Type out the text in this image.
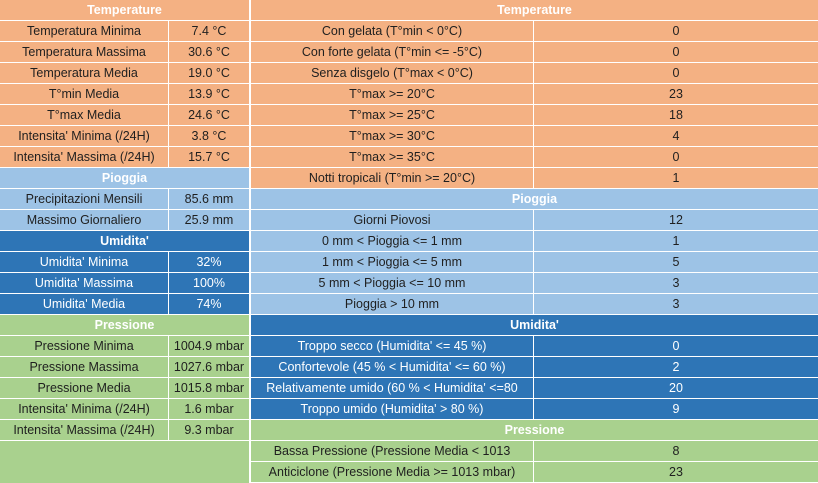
Temperature
Temperatura Minima	7.4 °C
Temperatura Massima	30.6 °C
Temperatura Media	19.0 °C
T°min Media	13.9 °C
T°max Media	24.6 °C
Intensita' Minima (/24H)	3.8 °C
Intensita' Massima (/24H)	15.7 °C
Pioggia
Precipitazioni Mensili	85.6 mm
Massimo Giornaliero	25.9 mm
Umidita'
Umidita' Minima	32%
Umidita' Massima	100%
Umidita' Media	74%
Pressione
Pressione Minima	1004.9 mbar
Pressione Massima	1027.6 mbar
Pressione Media	1015.8 mbar
Intensita' Minima (/24H)	1.6 mbar
Intensita' Massima (/24H)	9.3 mbar
Temperature
Con gelata (T°min < 0°C)	0
Con forte gelata (T°min <= -5°C)	0
Senza disgelo (T°max < 0°C)	0
T°max >= 20°C	23
T°max >= 25°C	18
T°max >= 30°C	4
T°max >= 35°C	0
Notti tropicali (T°min >= 20°C)	1
Pioggia
Giorni Piovosi	12
0 mm < Pioggia <= 1 mm	1
1 mm < Pioggia <= 5 mm	5
5 mm < Pioggia <= 10 mm	3
Pioggia > 10 mm	3
Umidita'
Troppo secco (Humidita' <= 45 %)	0
Confortevole (45 % < Humidita' <= 60 %)	2
Relativamente umido (60 % < Humidita' <=80	20
Troppo umido (Humidita' > 80 %)	9
Pressione
Bassa Pressione (Pressione Media < 1013	8
Anticiclone (Pressione Media >= 1013 mbar)	23
